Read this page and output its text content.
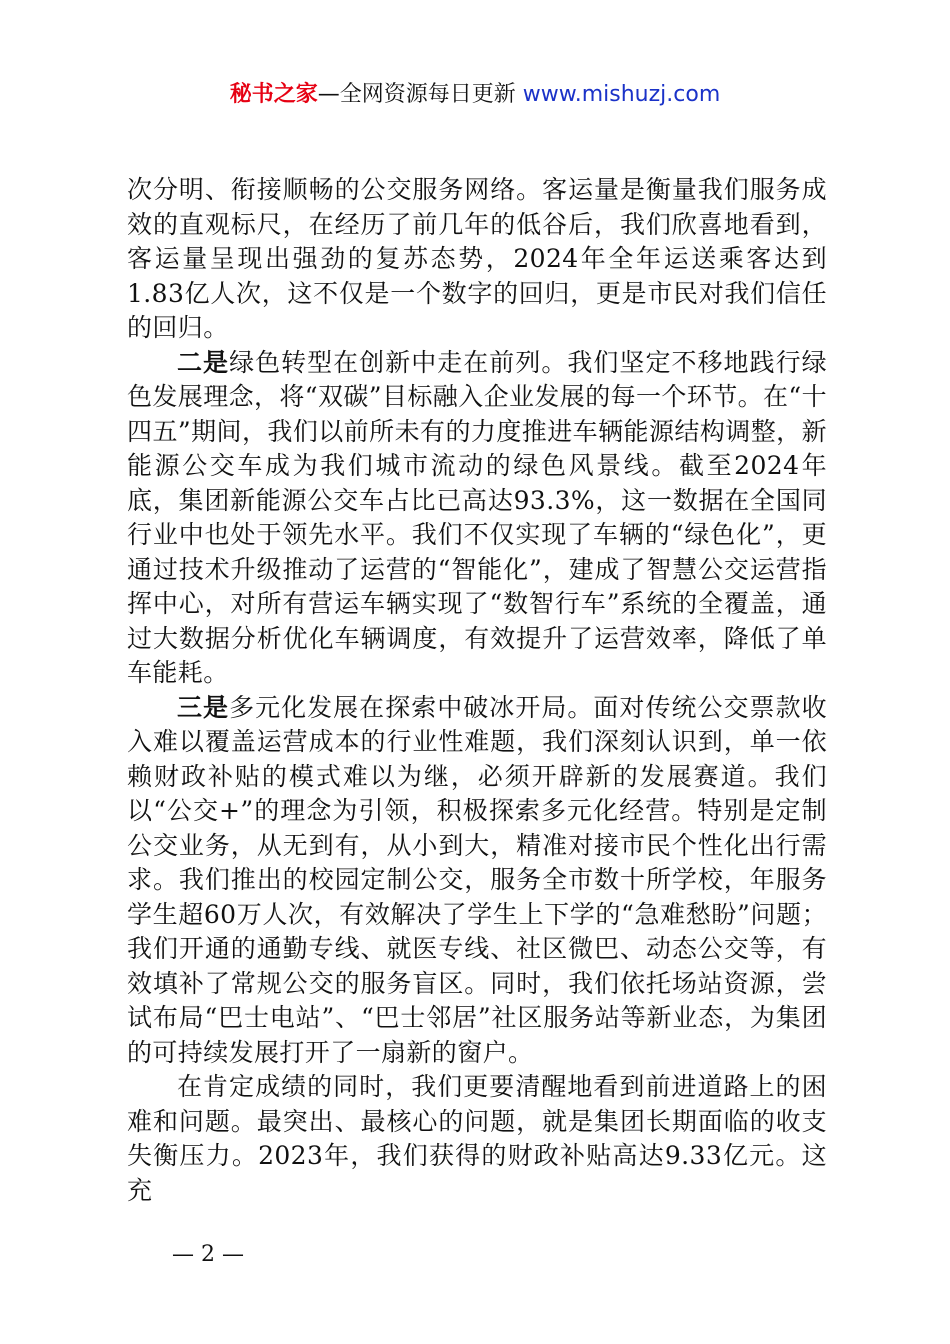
秘书之家—全网资源每日更新 www.mishuzj.com

次分明、衔接顺畅的公交服务网络。客运量是衡量我们服务成效的直观标尺，在经历了前几年的低谷后，我们欣喜地看到，客运量呈现出强劲的复苏态势，2024年全年运送乘客达到1.83亿人次，这不仅是一个数字的回归，更是市民对我们信任的回归。

二是绿色转型在创新中走在前列。我们坚定不移地践行绿色发展理念，将“双碳”目标融入企业发展的每一个环节。在“十四五”期间，我们以前所未有的力度推进车辆能源结构调整，新能源公交车成为我们城市流动的绿色风景线。截至2024年底，集团新能源公交车占比已高达93.3%，这一数据在全国同行业中也处于领先水平。我们不仅实现了车辆的“绿色化”，更通过技术升级推动了运营的“智能化”，建成了智慧公交运营指挥中心，对所有营运车辆实现了“数智行车”系统的全覆盖，通过大数据分析优化车辆调度，有效提升了运营效率，降低了单车能耗。

三是多元化发展在探索中破冰开局。面对传统公交票款收入难以覆盖运营成本的行业性难题，我们深刻认识到，单一依赖财政补贴的模式难以为继，必须开辟新的发展赛道。我们以“公交+”的理念为引领，积极探索多元化经营。特别是定制公交业务，从无到有，从小到大，精准对接市民个性化出行需求。我们推出的校园定制公交，服务全市数十所学校，年服务学生超60万人次，有效解决了学生上下学的“急难愁盼”问题；我们开通的通勤专线、就医专线、社区微巴、动态公交等，有效填补了常规公交的服务盲区。同时，我们依托场站资源，尝试布局“巴士电站”、“巴士邻居”社区服务站等新业态，为集团的可持续发展打开了一扇新的窗户。

在肯定成绩的同时，我们更要清醒地看到前进道路上的困难和问题。最突出、最核心的问题，就是集团长期面临的收支失衡压力。2023年，我们获得的财政补贴高达9.33亿元。这充

— 2 —
